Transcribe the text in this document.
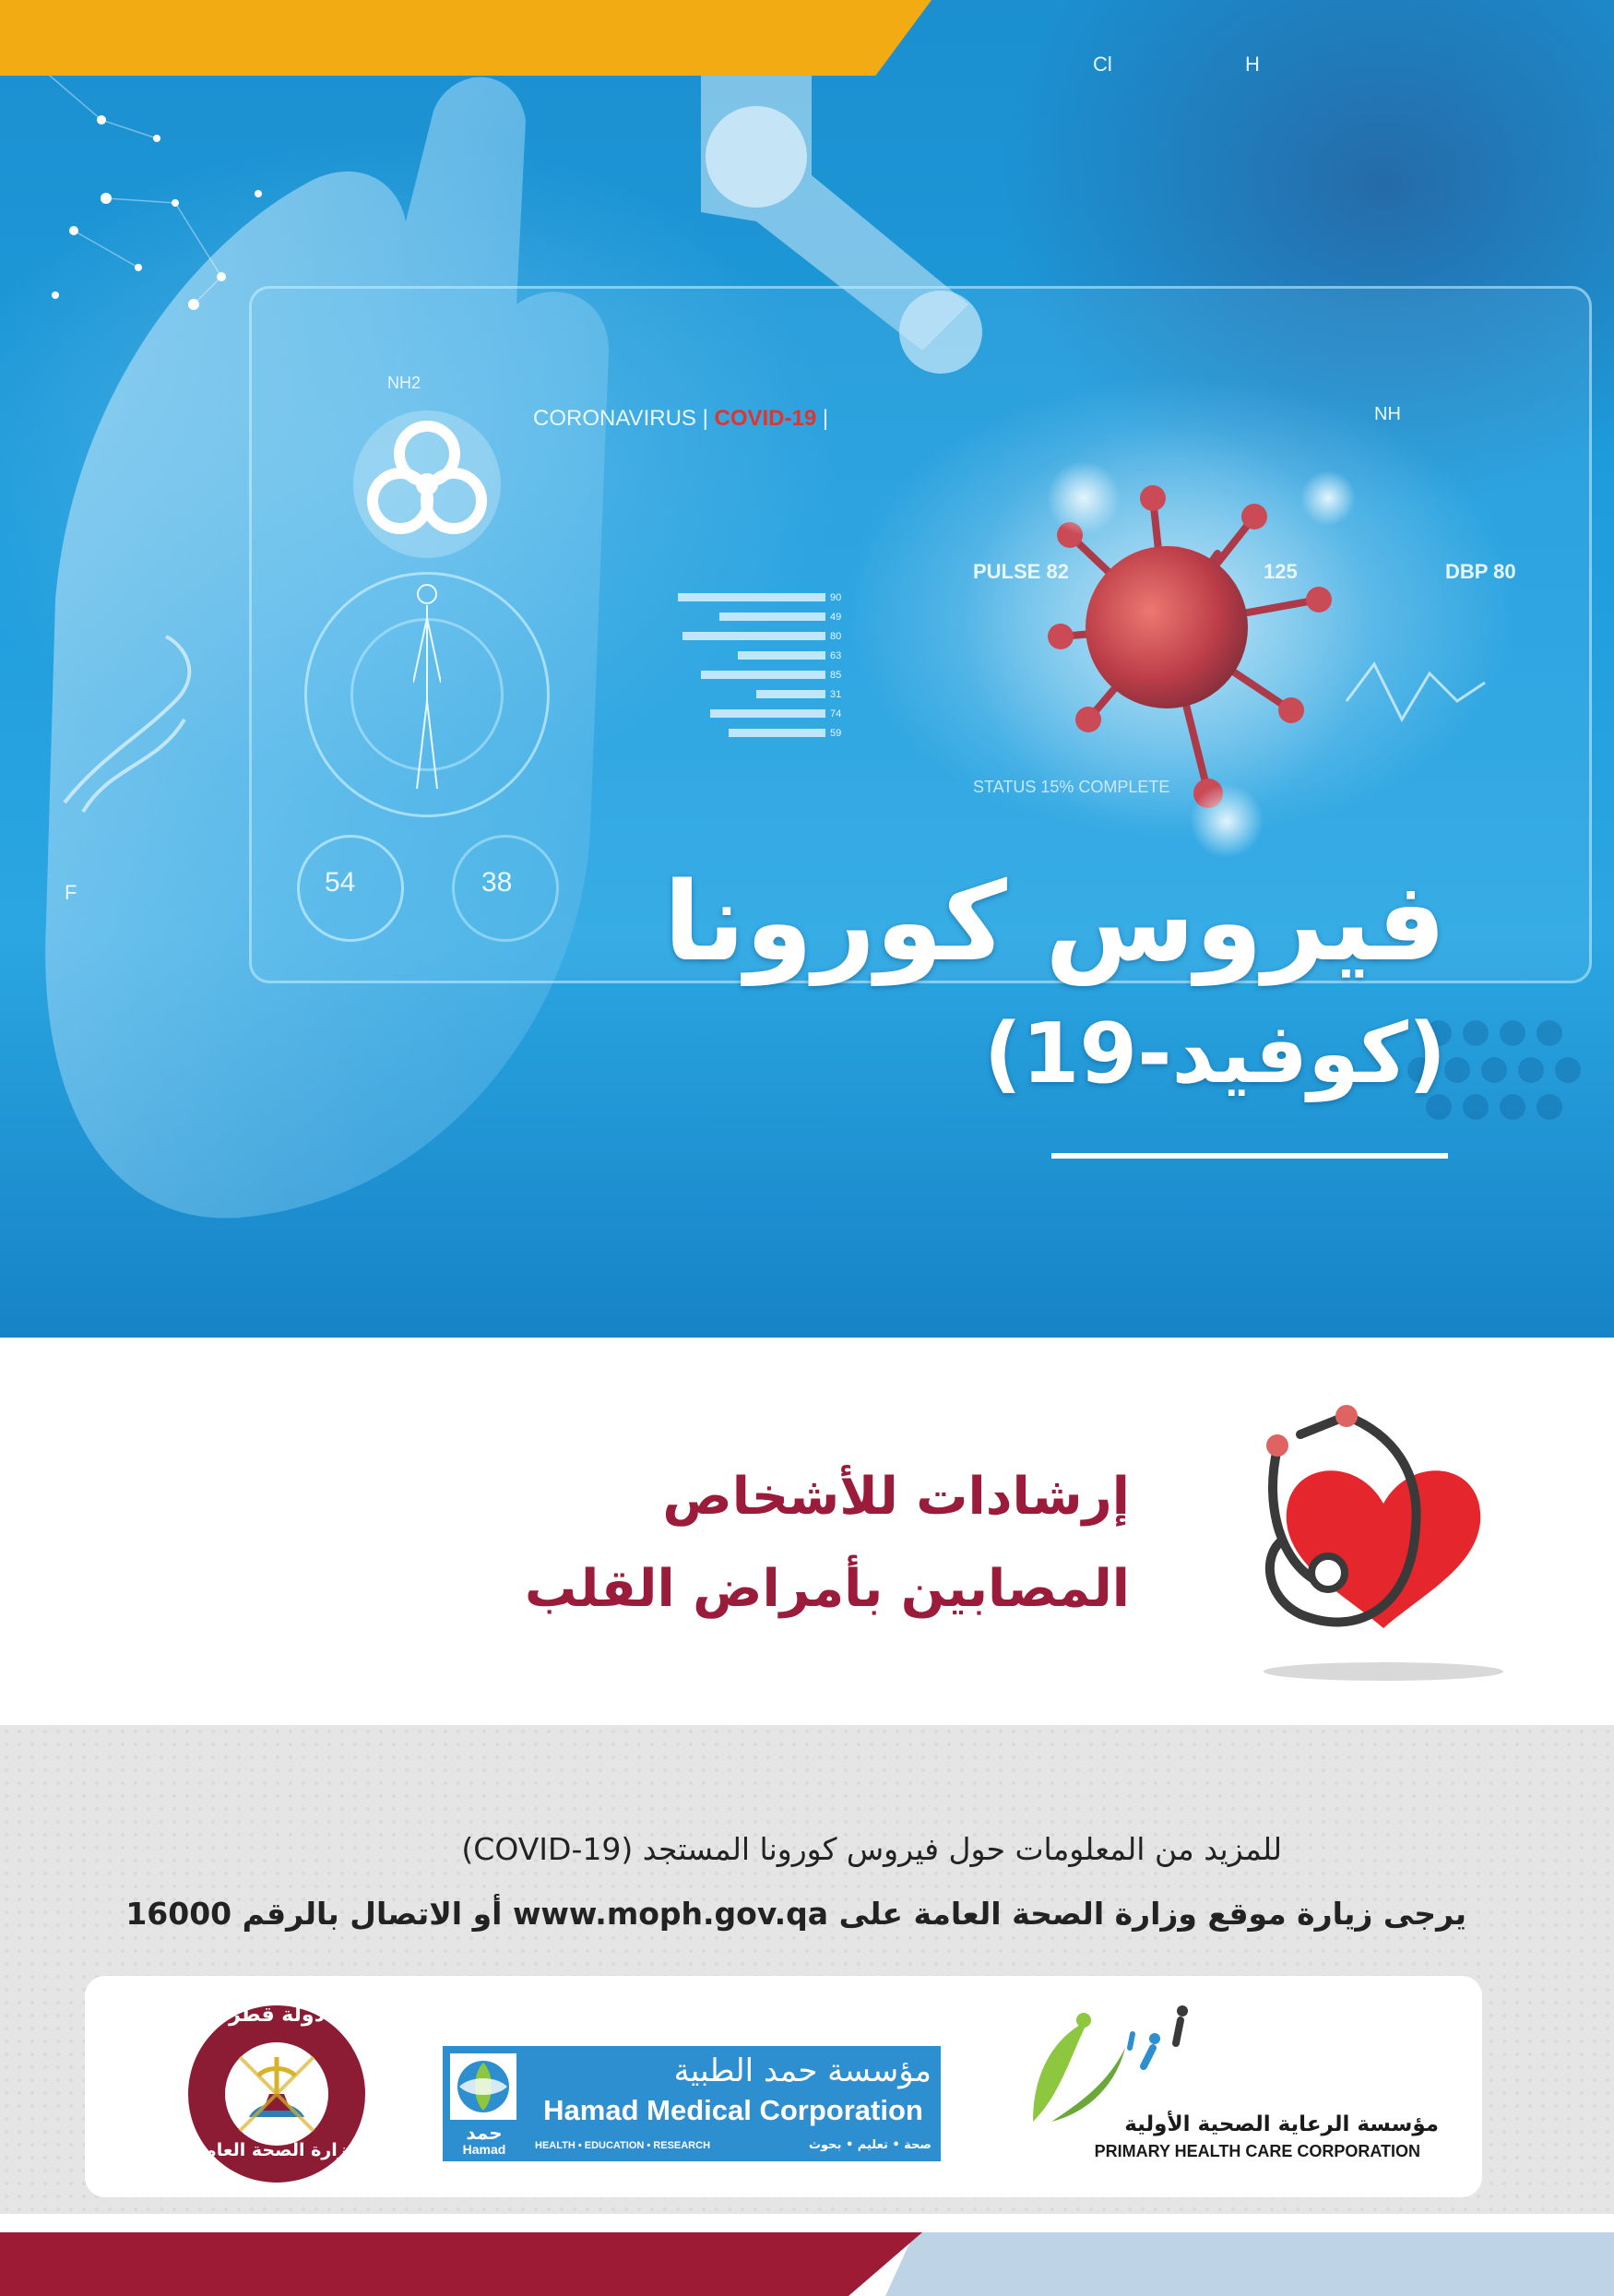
NH2
Cl	H
NH
F	54	38
CORONAVIRUS | COVID-19 |
90
49
80
63
85
31
74
59
PULSE 82	125	DBP 80
STATUS 15% COMPLETE
فيروس كورونا
(كوفيد-19)
إرشادات للأشخاص
المصابين بأمراض القلب
للمزيد من المعلومات حول فيروس كورونا المستجد (COVID-19)
يرجى زيارة موقع وزارة الصحة العامة على www.moph.gov.qa أو الاتصال بالرقم 16000
دولة قطر
وزارة الصحة العامة
حمد
Hamad
مؤسسة حمد الطبية
Hamad Medical Corporation
HEALTH • EDUCATION • RESEARCH	صحة • تعليم • بحوث
مؤسسة الرعاية الصحية الأولية
PRIMARY HEALTH CARE CORPORATION
